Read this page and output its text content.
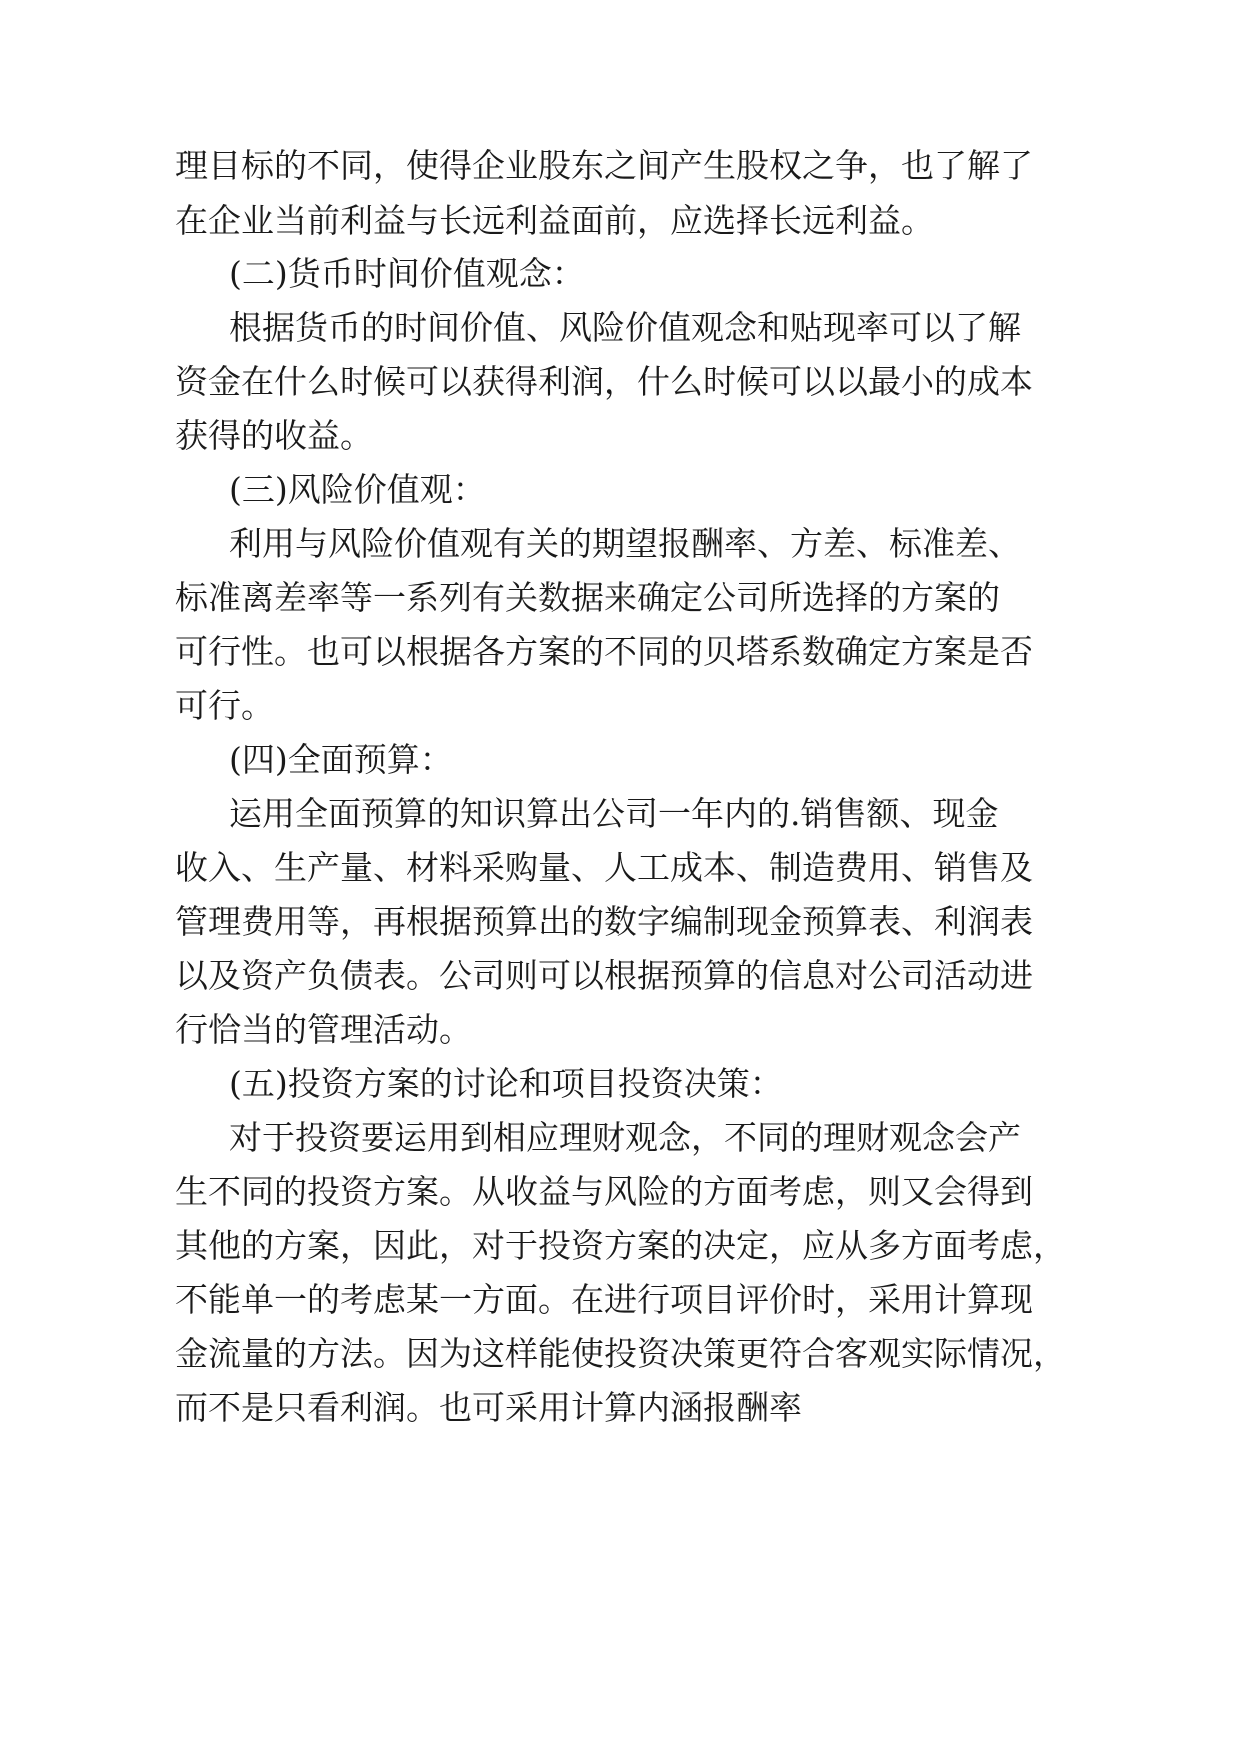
理目标的不同，使得企业股东之间产生股权之争，也了解了
在企业当前利益与长远利益面前，应选择长远利益。
(二)货币时间价值观念：
根据货币的时间价值、风险价值观念和贴现率可以了解
资金在什么时候可以获得利润，什么时候可以以最小的成本
获得的收益。
(三)风险价值观：
利用与风险价值观有关的期望报酬率、方差、标准差、
标准离差率等一系列有关数据来确定公司所选择的方案的
可行性。也可以根据各方案的不同的贝塔系数确定方案是否
可行。
(四)全面预算：
运用全面预算的知识算出公司一年内的.销售额、现金
收入、生产量、材料采购量、人工成本、制造费用、销售及
管理费用等，再根据预算出的数字编制现金预算表、利润表
以及资产负债表。公司则可以根据预算的信息对公司活动进
行恰当的管理活动。
(五)投资方案的讨论和项目投资决策：
对于投资要运用到相应理财观念，不同的理财观念会产
生不同的投资方案。从收益与风险的方面考虑，则又会得到
其他的方案，因此，对于投资方案的决定，应从多方面考虑，
不能单一的考虑某一方面。在进行项目评价时，采用计算现
金流量的方法。因为这样能使投资决策更符合客观实际情况，
而不是只看利润。也可采用计算内涵报酬率
